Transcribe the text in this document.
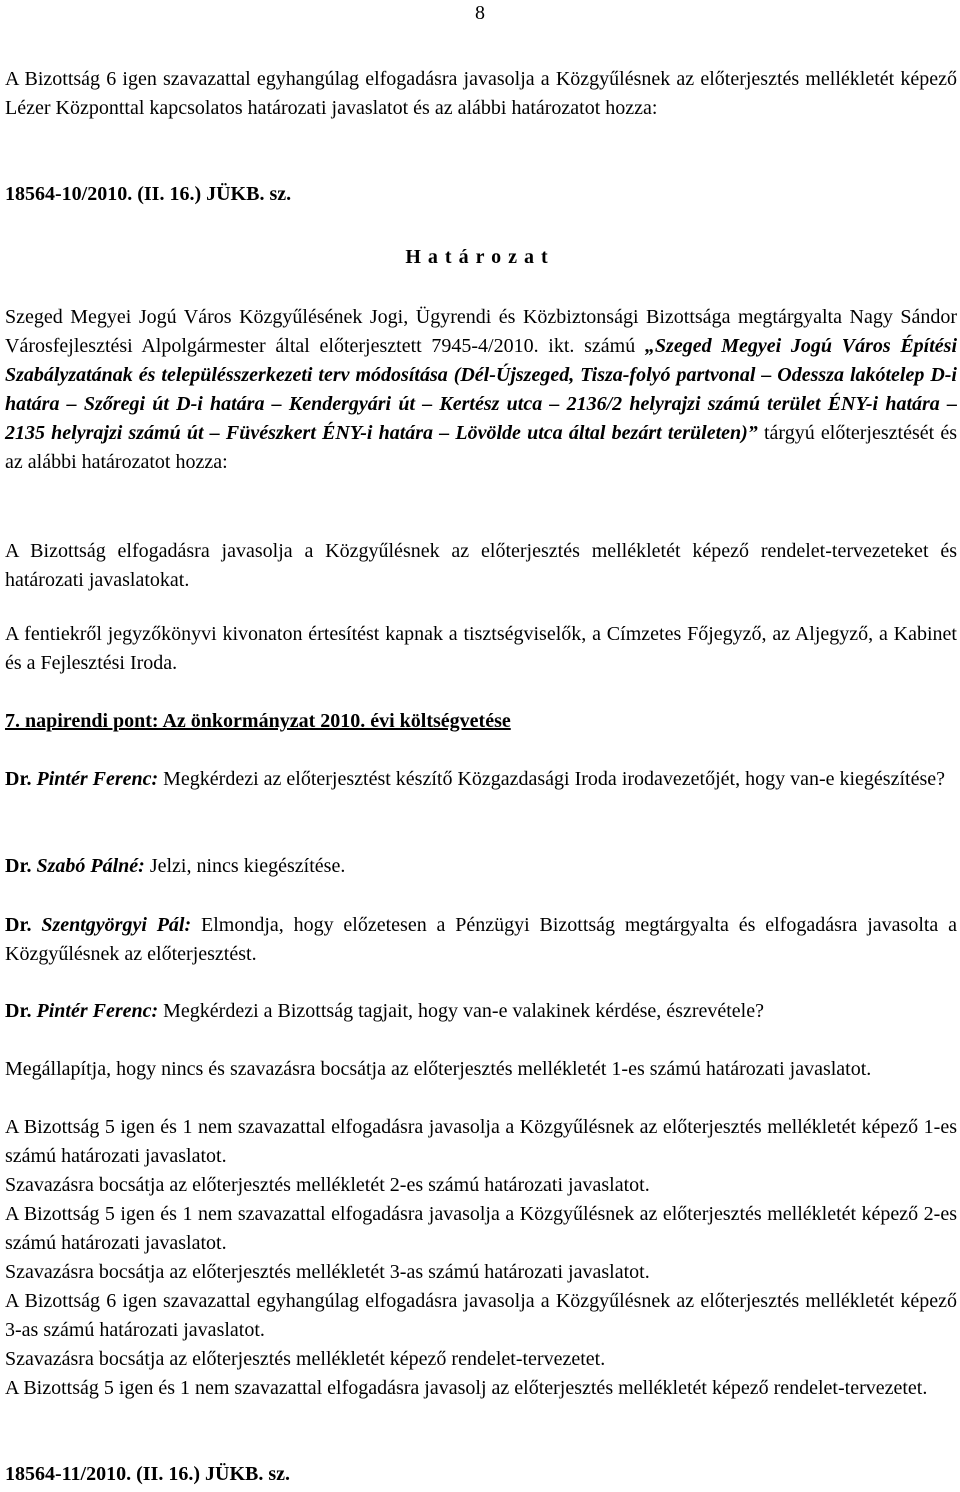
8

A Bizottság 6 igen szavazattal egyhangúlag elfogadásra javasolja a Közgyűlésnek az előterjesztés mellékletét képező Lézer Központtal kapcsolatos határozati javaslatot és az alábbi határozatot hozza:

18564-10/2010. (II. 16.) JÜKB. sz.

Határozat

Szeged Megyei Jogú Város Közgyűlésének Jogi, Ügyrendi és Közbiztonsági Bizottsága megtárgyalta Nagy Sándor Városfejlesztési Alpolgármester által előterjesztett 7945-4/2010. ikt. számú „Szeged Megyei Jogú Város Építési Szabályzatának és településszerkezeti terv módosítása (Dél-Újszeged, Tisza-folyó partvonal – Odessza lakótelep D-i határa – Szőregi út D-i határa – Kendergyári út – Kertész utca – 2136/2 helyrajzi számú terület ÉNY-i határa – 2135 helyrajzi számú út – Füvészkert ÉNY-i határa – Lövölde utca által bezárt területen)” tárgyú előterjesztését és az alábbi határozatot hozza:

A Bizottság elfogadásra javasolja a Közgyűlésnek az előterjesztés mellékletét képező rendelet-tervezeteket és határozati javaslatokat.

A fentiekről jegyzőkönyvi kivonaton értesítést kapnak a tisztségviselők, a Címzetes Főjegyző, az Aljegyző, a Kabinet és a Fejlesztési Iroda.

7. napirendi pont: Az önkormányzat 2010. évi költségvetése

Dr. Pintér Ferenc: Megkérdezi az előterjesztést készítő Közgazdasági Iroda irodavezetőjét, hogy van-e kiegészítése?

Dr. Szabó Pálné: Jelzi, nincs kiegészítése.

Dr. Szentgyörgyi Pál: Elmondja, hogy előzetesen a Pénzügyi Bizottság megtárgyalta és elfogadásra javasolta a Közgyűlésnek az előterjesztést.

Dr. Pintér Ferenc: Megkérdezi a Bizottság tagjait, hogy van-e valakinek kérdése, észrevétele?

Megállapítja, hogy nincs és szavazásra bocsátja az előterjesztés mellékletét 1-es számú határozati javaslatot.

A Bizottság 5 igen és 1 nem szavazattal elfogadásra javasolja a Közgyűlésnek az előterjesztés mellékletét képező 1-es számú határozati javaslatot.

Szavazásra bocsátja az előterjesztés mellékletét 2-es számú határozati javaslatot.

A Bizottság 5 igen és 1 nem szavazattal elfogadásra javasolja a Közgyűlésnek az előterjesztés mellékletét képező 2-es számú határozati javaslatot.

Szavazásra bocsátja az előterjesztés mellékletét 3-as számú határozati javaslatot.

A Bizottság 6 igen szavazattal egyhangúlag elfogadásra javasolja a Közgyűlésnek az előterjesztés mellékletét képező 3-as számú határozati javaslatot.

Szavazásra bocsátja az előterjesztés mellékletét képező rendelet-tervezetet.

A Bizottság 5 igen és 1 nem szavazattal elfogadásra javasolj az előterjesztés mellékletét képező rendelet-tervezetet.

18564-11/2010. (II. 16.) JÜKB. sz.
